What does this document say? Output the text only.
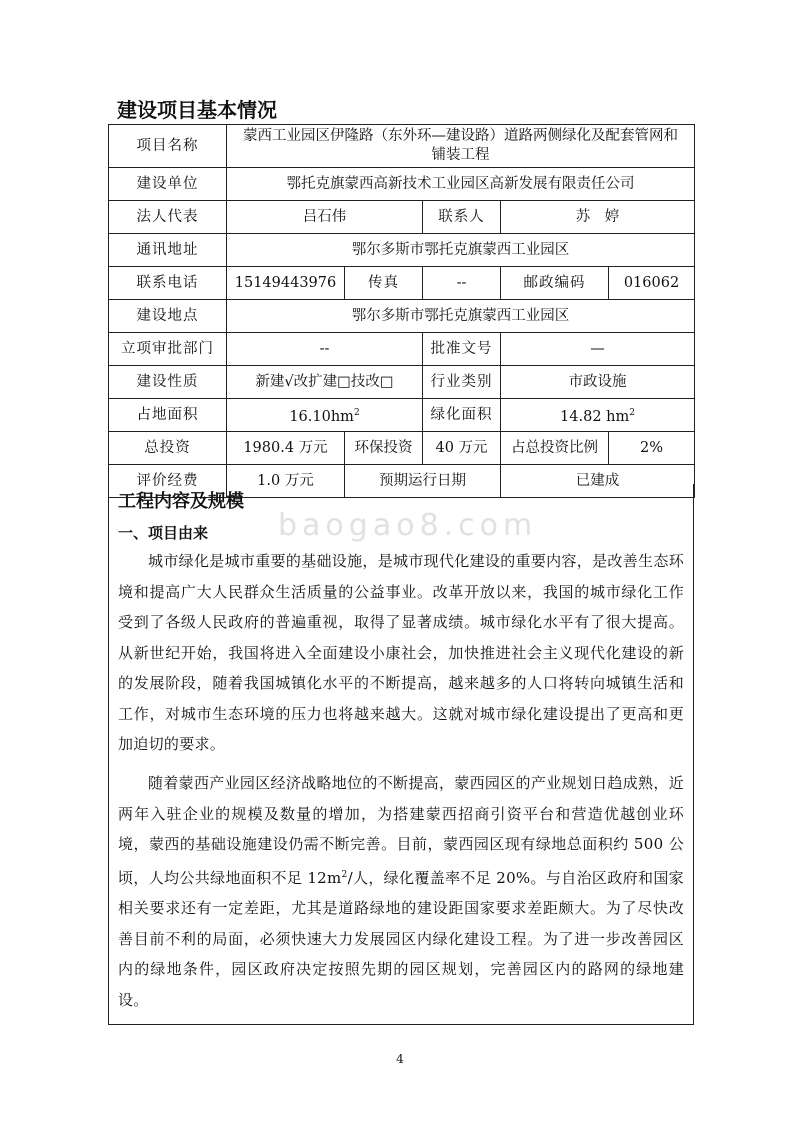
建设项目基本情况
项目名称	蒙西工业园区伊隆路（东外环—建设路）道路两侧绿化及配套管网和铺装工程				
建设单位	鄂托克旗蒙西高新技术工业园区高新发展有限责任公司				
法人代表	吕石伟		联系人	苏　婷	
通讯地址	鄂尔多斯市鄂托克旗蒙西工业园区				
联系电话	15149443976	传真	--	邮政编码	016062
建设地点	鄂尔多斯市鄂托克旗蒙西工业园区				
立项审批部门	--		批准文号	—	
建设性质	新建√改扩建□技改□		行业类别	市政设施	
占地面积	$16.10hm^2$		绿化面积	14.82 $hm^2$
总投资	1980.4 万元	环保投资	40 万元	占总投资比例	2%
评价经费	1.0 万元	预期运行日期		已建成	
工程内容及规模
一、项目由来

城市绿化是城市重要的基础设施，是城市现代化建设的重要内容，是改善生态环境和提高广大人民群众生活质量的公益事业。改革开放以来，我国的城市绿化工作受到了各级人民政府的普遍重视，取得了显著成绩。城市绿化水平有了很大提高。从新世纪开始，我国将进入全面建设小康社会，加快推进社会主义现代化建设的新的发展阶段，随着我国城镇化水平的不断提高，越来越多的人口将转向城镇生活和工作，对城市生态环境的压力也将越来越大。这就对城市绿化建设提出了更高和更加迫切的要求。

随着蒙西产业园区经济战略地位的不断提高，蒙西园区的产业规划日趋成熟，近两年入驻企业的规模及数量的增加，为搭建蒙西招商引资平台和营造优越创业环境，蒙西的基础设施建设仍需不断完善。目前，蒙西园区现有绿地总面积约 500 公顷，人均公共绿地面积不足 $12m^2/$人，绿化覆盖率不足 20%。与自治区政府和国家相关要求还有一定差距，尤其是道路绿地的建设距国家要求差距颇大。为了尽快改善目前不利的局面，必须快速大力发展园区内绿化建设工程。为了进一步改善园区内的绿地条件，园区政府决定按照先期的园区规划，完善园区内的路网的绿地建设。

baogao8.com
4
